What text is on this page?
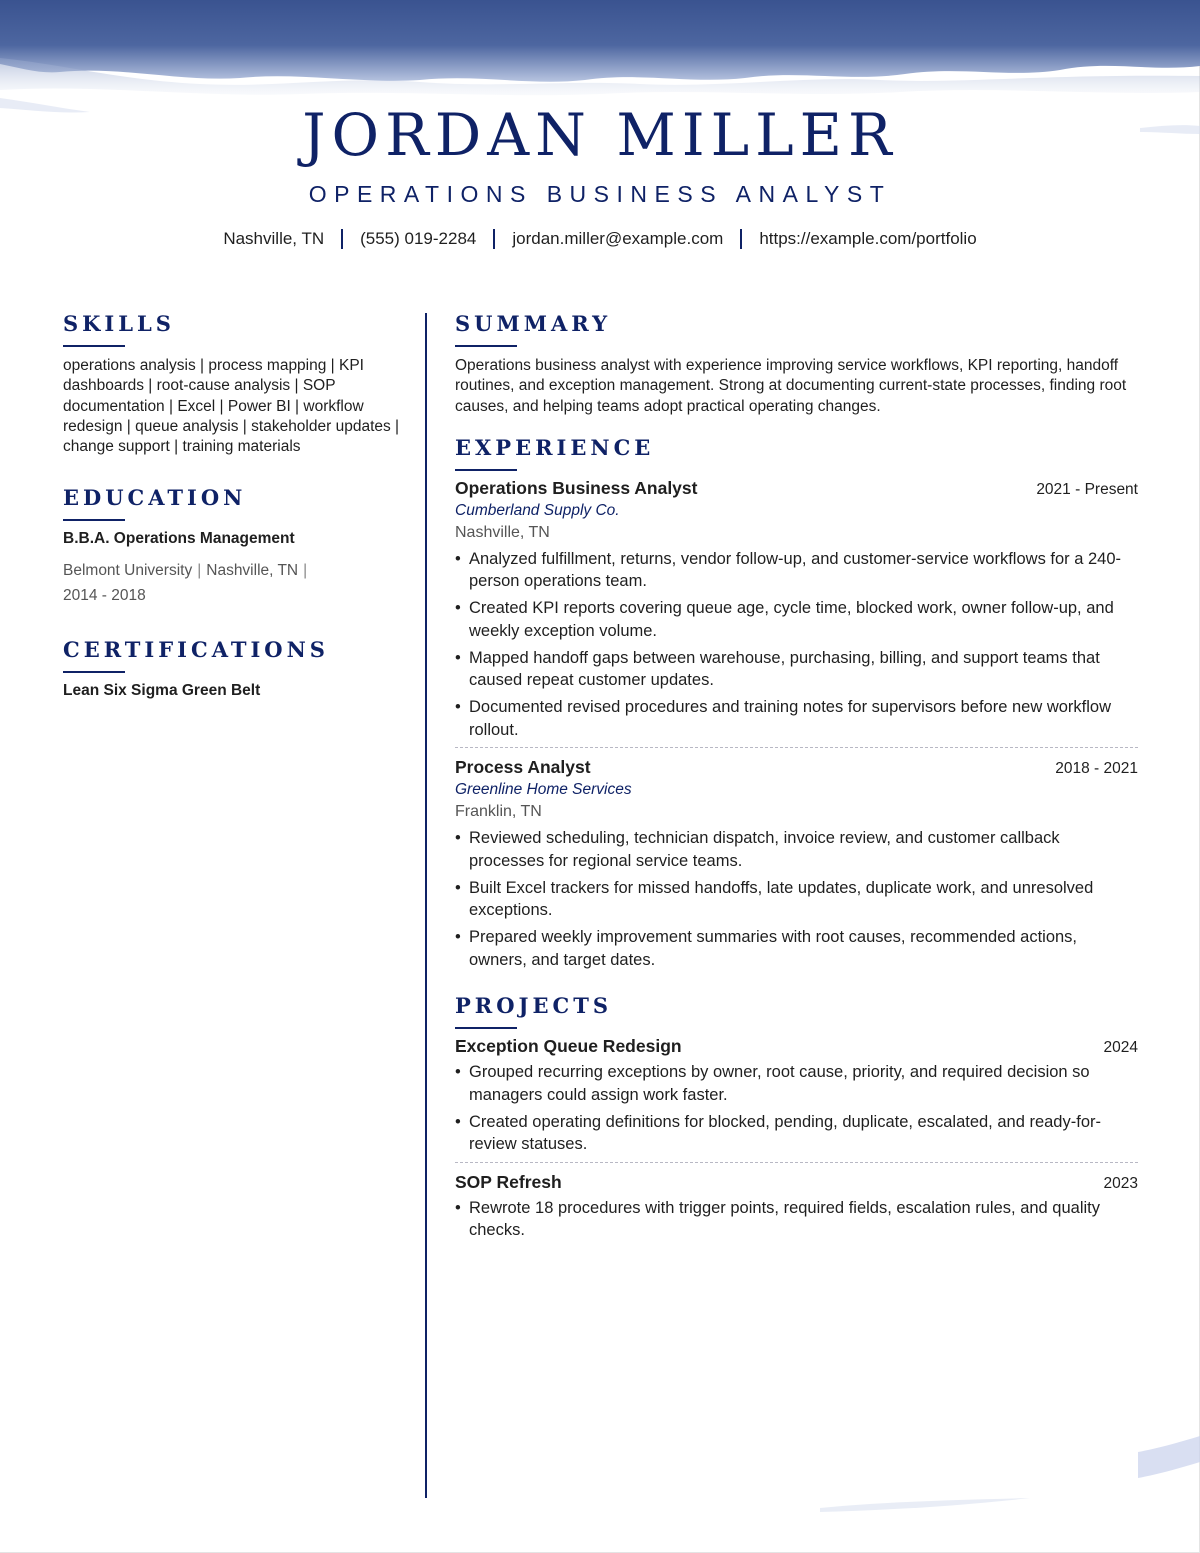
JORDAN MILLER
OPERATIONS BUSINESS ANALYST
Nashville, TN (555) 019-2284 jordan.miller@example.com https://example.com/portfolio
SKILLS
operations analysis | process mapping | KPI dashboards | root-cause analysis | SOP documentation | Excel | Power BI | workflow redesign | queue analysis | stakeholder updates | change support | training materials
EDUCATION
B.B.A. Operations Management
Belmont University | Nashville, TN |
2014 - 2018
CERTIFICATIONS
Lean Six Sigma Green Belt
SUMMARY
Operations business analyst with experience improving service workflows, KPI reporting, handoff routines, and exception management. Strong at documenting current-state processes, finding root causes, and helping teams adopt practical operating changes.
EXPERIENCE
Operations Business Analyst	2021 - Present
Cumberland Supply Co.
Nashville, TN
• Analyzed fulfillment, returns, vendor follow-up, and customer-service workflows for a 240-person operations team.
• Created KPI reports covering queue age, cycle time, blocked work, owner follow-up, and weekly exception volume.
• Mapped handoff gaps between warehouse, purchasing, billing, and support teams that caused repeat customer updates.
• Documented revised procedures and training notes for supervisors before new workflow rollout.
Process Analyst	2018 - 2021
Greenline Home Services
Franklin, TN
• Reviewed scheduling, technician dispatch, invoice review, and customer callback processes for regional service teams.
• Built Excel trackers for missed handoffs, late updates, duplicate work, and unresolved exceptions.
• Prepared weekly improvement summaries with root causes, recommended actions, owners, and target dates.
PROJECTS
Exception Queue Redesign	2024
• Grouped recurring exceptions by owner, root cause, priority, and required decision so managers could assign work faster.
• Created operating definitions for blocked, pending, duplicate, escalated, and ready-for-review statuses.
SOP Refresh	2023
• Rewrote 18 procedures with trigger points, required fields, escalation rules, and quality checks.
